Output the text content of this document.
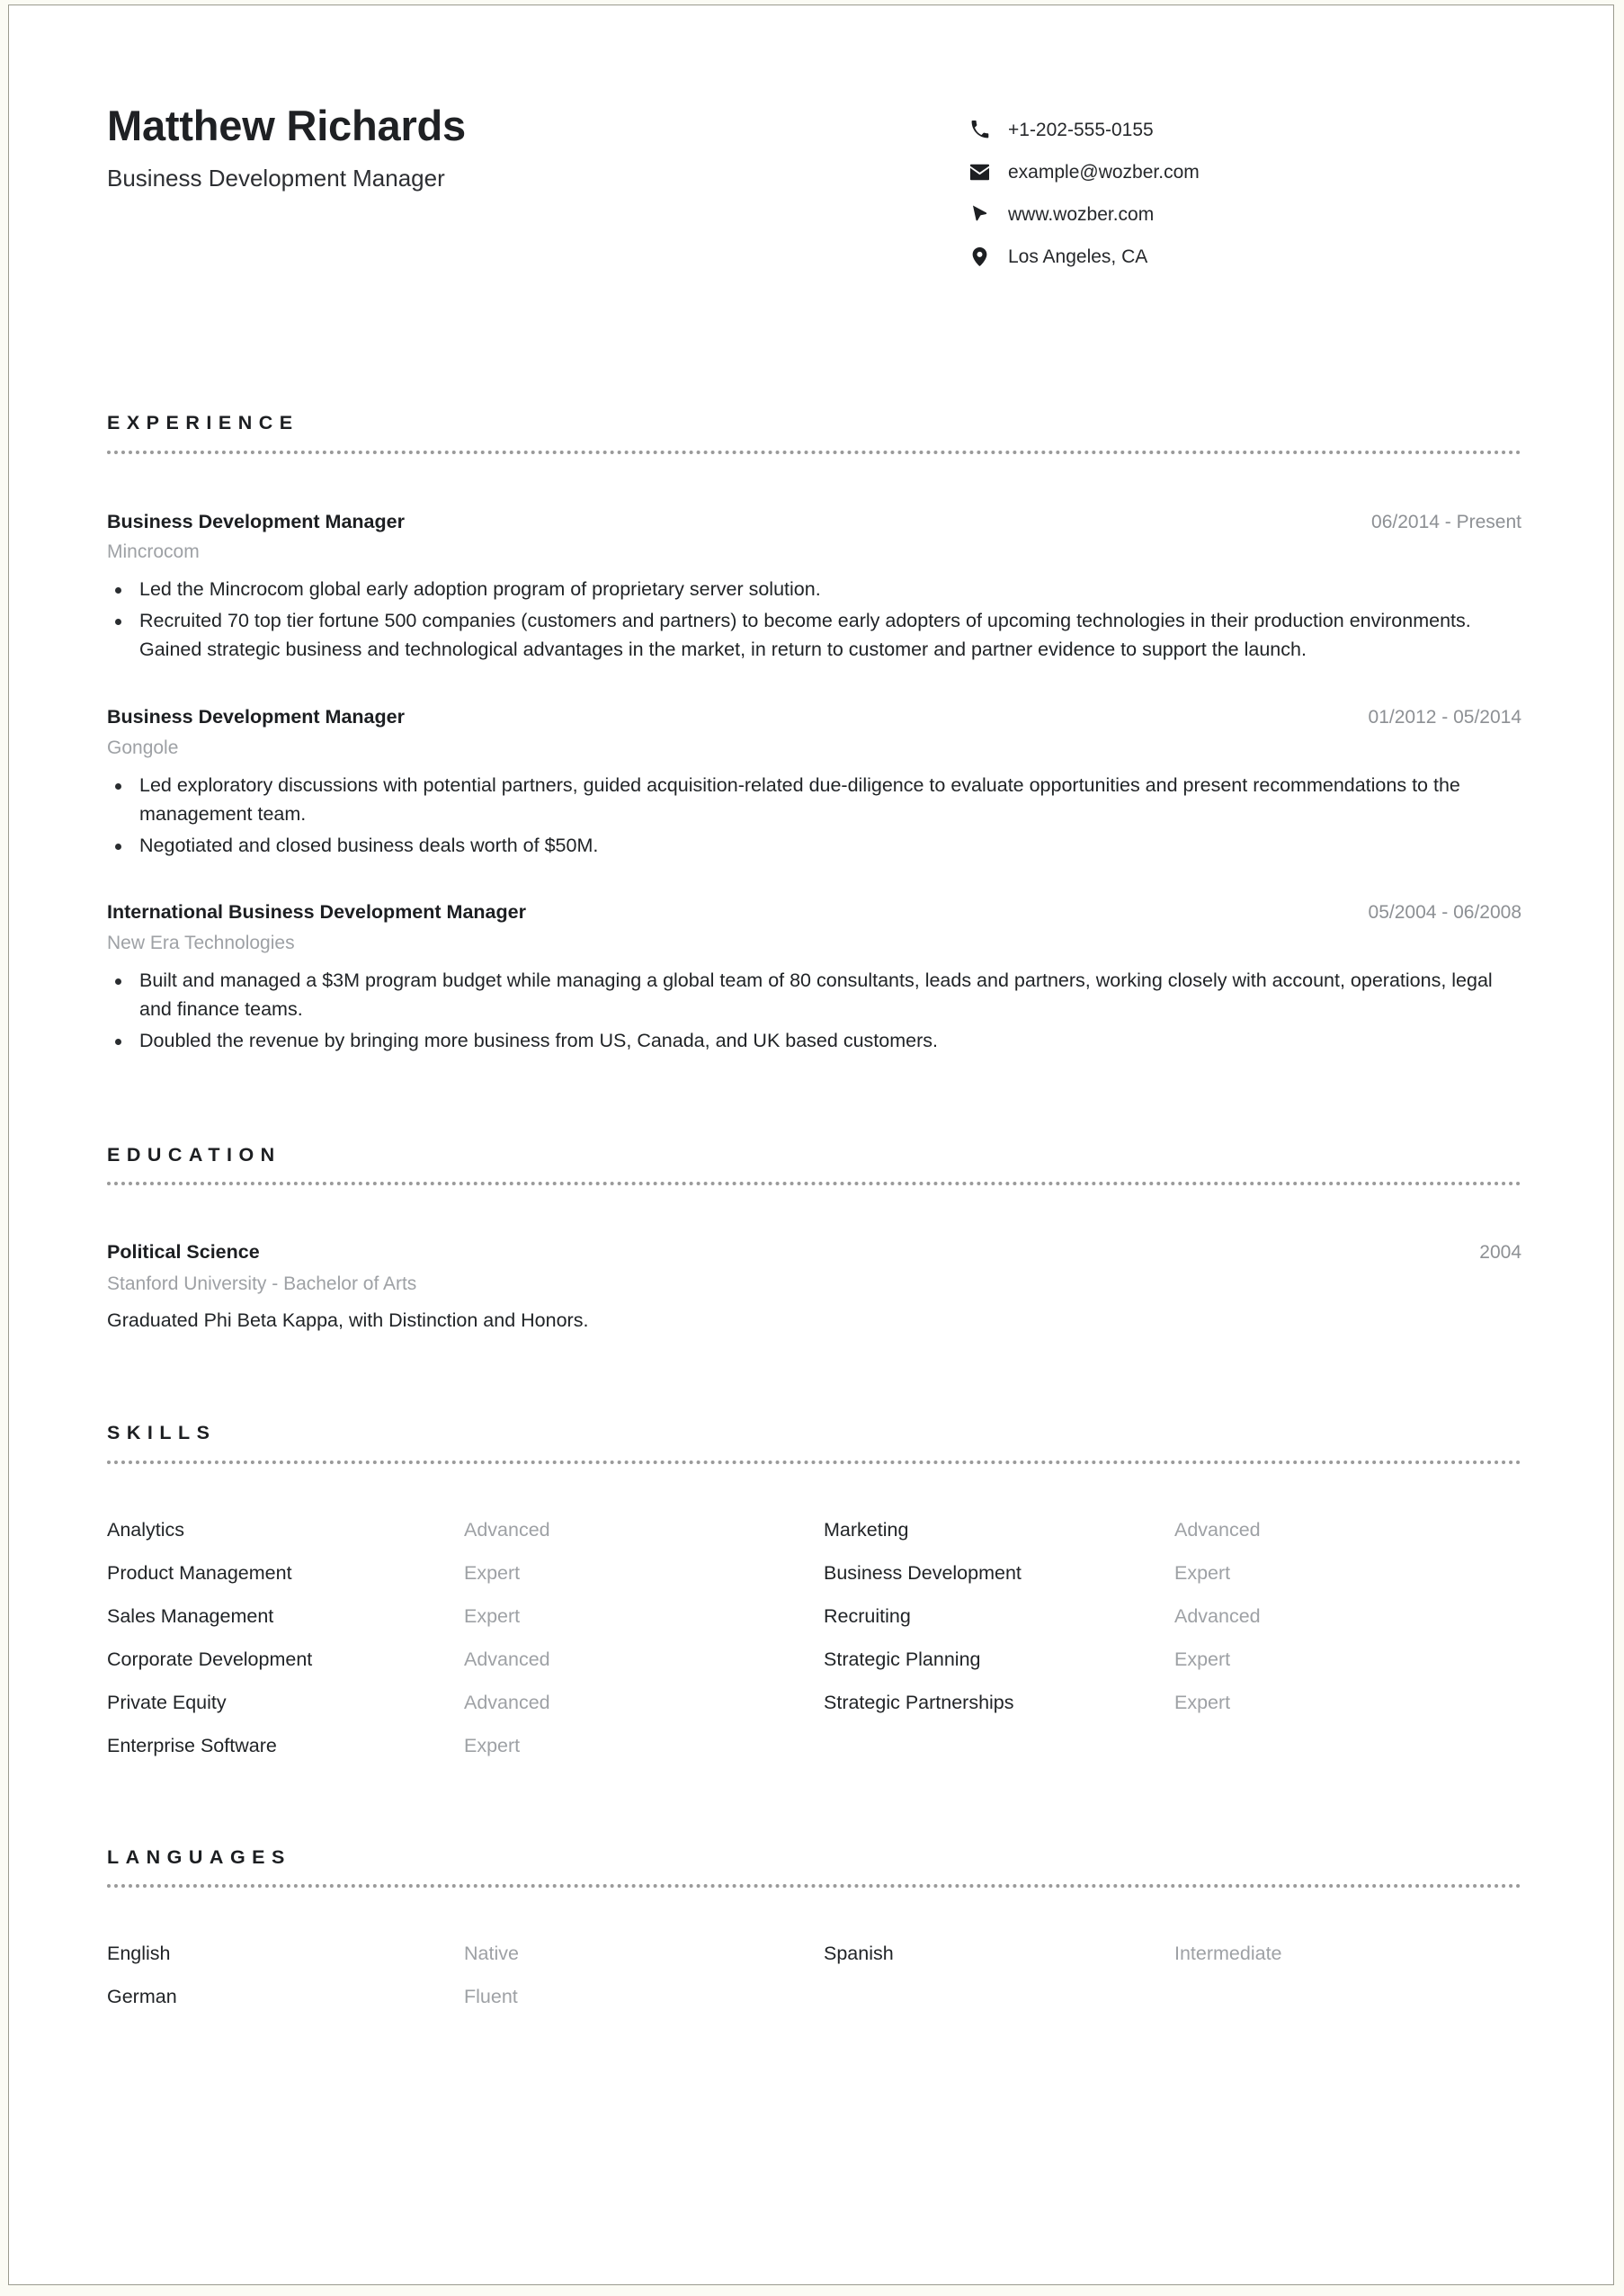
Matthew Richards
Business Development Manager
+1-202-555-0155
example@wozber.com
www.wozber.com
Los Angeles, CA
EXPERIENCE
Business Development Manager	06/2014 - Present
Mincrocom
Led the Mincrocom global early adoption program of proprietary server solution.
Recruited 70 top tier fortune 500 companies (customers and partners) to become early adopters of upcoming technologies in their production environments. Gained strategic business and technological advantages in the market, in return to customer and partner evidence to support the launch.
Business Development Manager	01/2012 - 05/2014
Gongole
Led exploratory discussions with potential partners, guided acquisition-related due-diligence to evaluate opportunities and present recommendations to the management team.
Negotiated and closed business deals worth of $50M.
International Business Development Manager	05/2004 - 06/2008
New Era Technologies
Built and managed a $3M program budget while managing a global team of 80 consultants, leads and partners, working closely with account, operations, legal and finance teams.
Doubled the revenue by bringing more business from US, Canada, and UK based customers.
EDUCATION
Political Science	2004
Stanford University - Bachelor of Arts
Graduated Phi Beta Kappa, with Distinction and Honors.
SKILLS
Analytics	Advanced	Marketing	Advanced
Product Management	Expert	Business Development	Expert
Sales Management	Expert	Recruiting	Advanced
Corporate Development	Advanced	Strategic Planning	Expert
Private Equity	Advanced	Strategic Partnerships	Expert
Enterprise Software	Expert
LANGUAGES
English	Native	Spanish	Intermediate
German	Fluent
